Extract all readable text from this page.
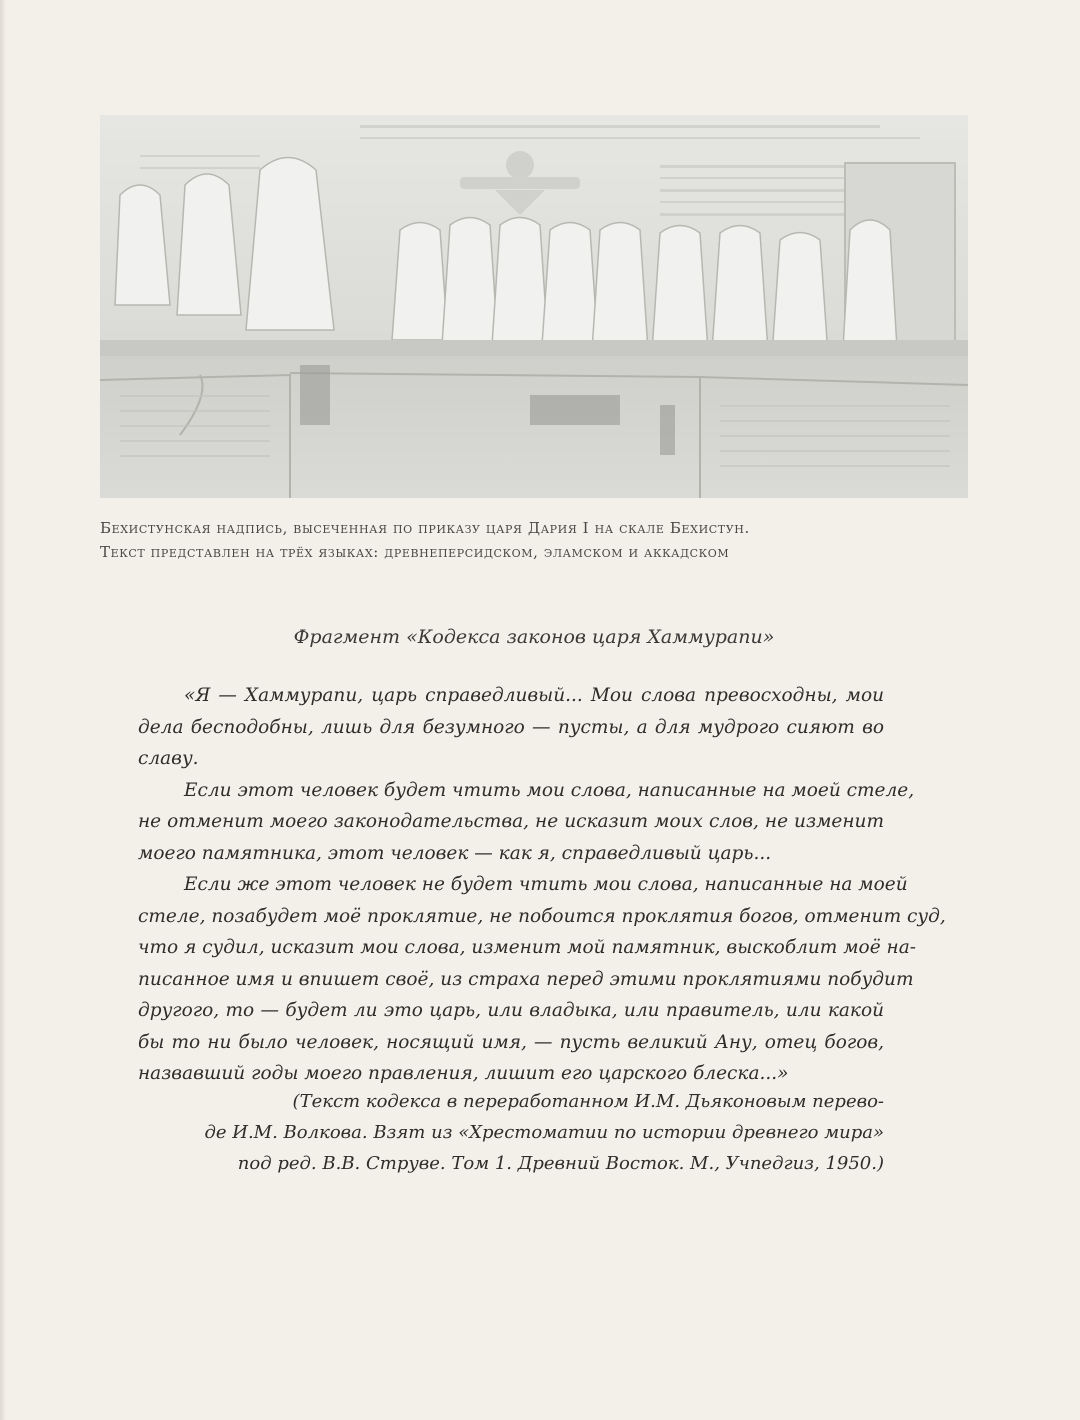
Бехистунская надпись, высеченная по приказу царя Дария I на скале Бехистун.
Текст представлен на трёх языках: древнеперсидском, эламском и аккадском
Фрагмент «Кодекса законов царя Хаммурапи»

«Я — Хаммурапи, царь справедливый... Мои слова превосходны, мои
дела бесподобны, лишь для безумного — пусты, а для мудрого сияют во
славу.

Если этот человек будет чтить мои слова, написанные на моей стеле,
не отменит моего законодательства, не исказит моих слов, не изменит
моего памятника, этот человек — как я, справедливый царь...

Если же этот человек не будет чтить мои слова, написанные на моей
стеле, позабудет моё проклятие, не побоится проклятия богов, отменит суд,
что я судил, исказит мои слова, изменит мой памятник, выскоблит моё на-
писанное имя и впишет своё, из страха перед этими проклятиями побудит
другого, то — будет ли это царь, или владыка, или правитель, или какой
бы то ни было человек, носящий имя, — пусть великий Ану, отец богов,
назвавший годы моего правления, лишит его царского блеска...»

(Текст кодекса в переработанном И.М. Дьяконовым перево-
де И.М. Волкова. Взят из «Хрестоматии по истории древнего мира»
под ред. В.В. Струве. Том 1. Древний Восток. М., Учпедгиз, 1950.)
